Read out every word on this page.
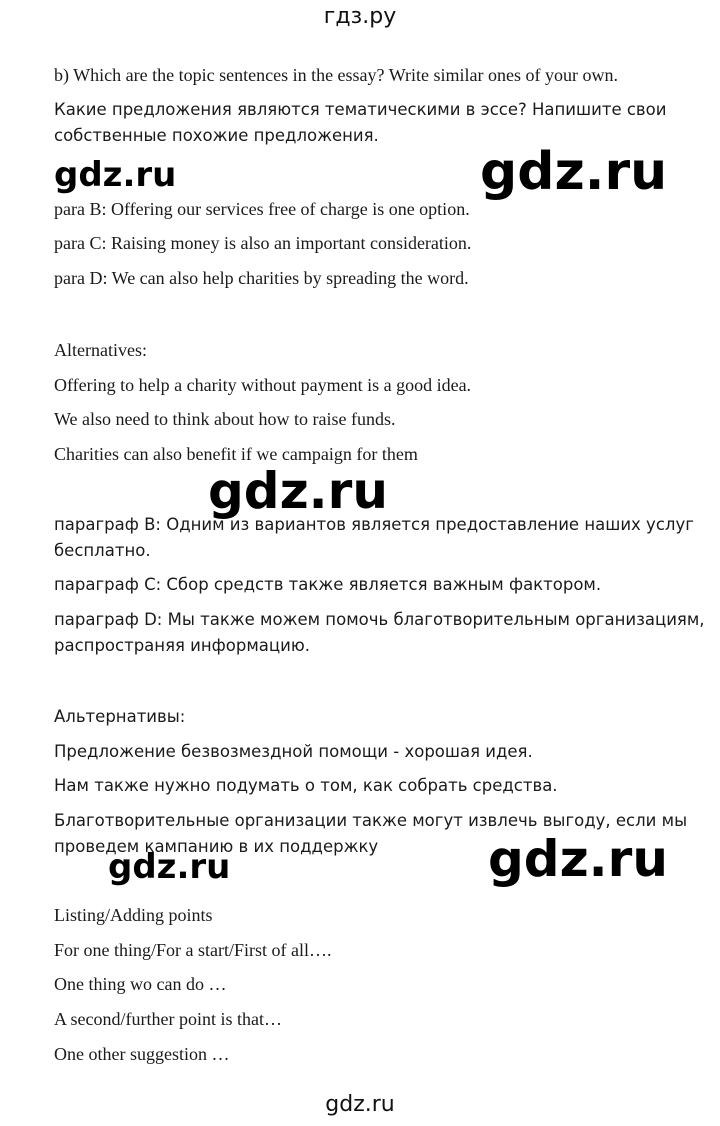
гдз.ру
b) Which are the topic sentences in the essay? Write similar ones of your own.
Какие предложения являются тематическими в эссе? Напишите свои
собственные похожие предложения.
para B: Offering our services free of charge is one option.
para C: Raising money is also an important consideration.
para D: We can also help charities by spreading the word.
Alternatives:
Offering to help a charity without payment is a good idea.
We also need to think about how to raise funds.
Charities can also benefit if we campaign for them
параграф B: Одним из вариантов является предоставление наших услуг
бесплатно.
параграф C: Сбор средств также является важным фактором.
параграф D: Мы также можем помочь благотворительным организациям,
распространяя информацию.
Альтернативы:
Предложение безвозмездной помощи - хорошая идея.
Нам также нужно подумать о том, как собрать средства.
Благотворительные организации также могут извлечь выгоду, если мы
проведем кампанию в их поддержку
Listing/Adding points
For one thing/For a start/First of all….
One thing wo can do …
A second/further point is that…
One other suggestion …
gdz.ru	gdz.ru
gdz.ru
gdz.ru	gdz.ru
gdz.ru
